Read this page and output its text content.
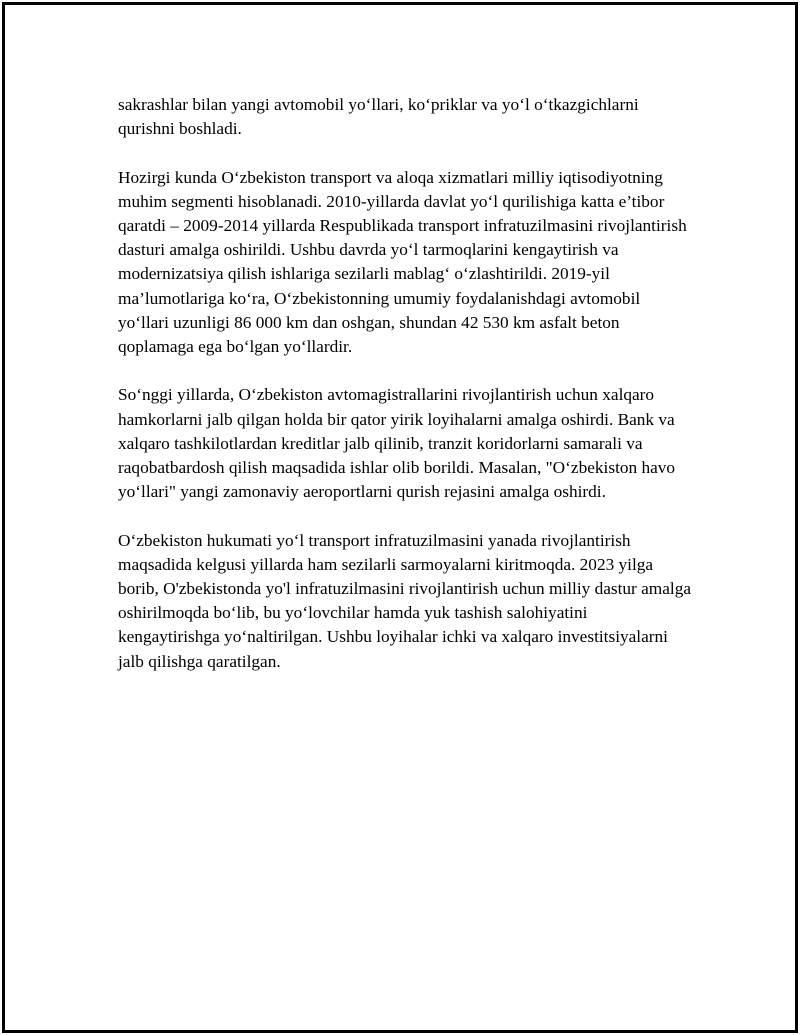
sakrashlar bilan yangi avtomobil yo‘llari, ko‘priklar va yo‘l o‘tkazgichlarni qurishni boshladi.

Hozirgi kunda O‘zbekiston transport va aloqa xizmatlari milliy iqtisodiyotning muhim segmenti hisoblanadi. 2010-yillarda davlat yo‘l qurilishiga katta e’tibor qaratdi – 2009-2014 yillarda Respublikada transport infratuzilmasini rivojlantirish dasturi amalga oshirildi. Ushbu davrda yo‘l tarmoqlarini kengaytirish va modernizatsiya qilish ishlariga sezilarli mablag‘ o‘zlashtirildi. 2019-yil ma’lumotlariga ko‘ra, O‘zbekistonning umumiy foydalanishdagi avtomobil yo‘llari uzunligi 86 000 km dan oshgan, shundan 42 530 km asfalt beton qoplamaga ega bo‘lgan yo‘llardir.

So‘nggi yillarda, O‘zbekiston avtomagistrallarini rivojlantirish uchun xalqaro hamkorlarni jalb qilgan holda bir qator yirik loyihalarni amalga oshirdi. Bank va xalqaro tashkilotlardan kreditlar jalb qilinib, tranzit koridorlarni samarali va raqobatbardosh qilish maqsadida ishlar olib borildi. Masalan, "O‘zbekiston havo yo‘llari" yangi zamonaviy aeroportlarni qurish rejasini amalga oshirdi.

O‘zbekiston hukumati yo‘l transport infratuzilmasini yanada rivojlantirish maqsadida kelgusi yillarda ham sezilarli sarmoyalarni kiritmoqda. 2023 yilga borib, O'zbekistonda yo'l infratuzilmasini rivojlantirish uchun milliy dastur amalga oshirilmoqda bo‘lib, bu yo‘lovchilar hamda yuk tashish salohiyatini kengaytirishga yo‘naltirilgan. Ushbu loyihalar ichki va xalqaro investitsiyalarni jalb qilishga qaratilgan.
